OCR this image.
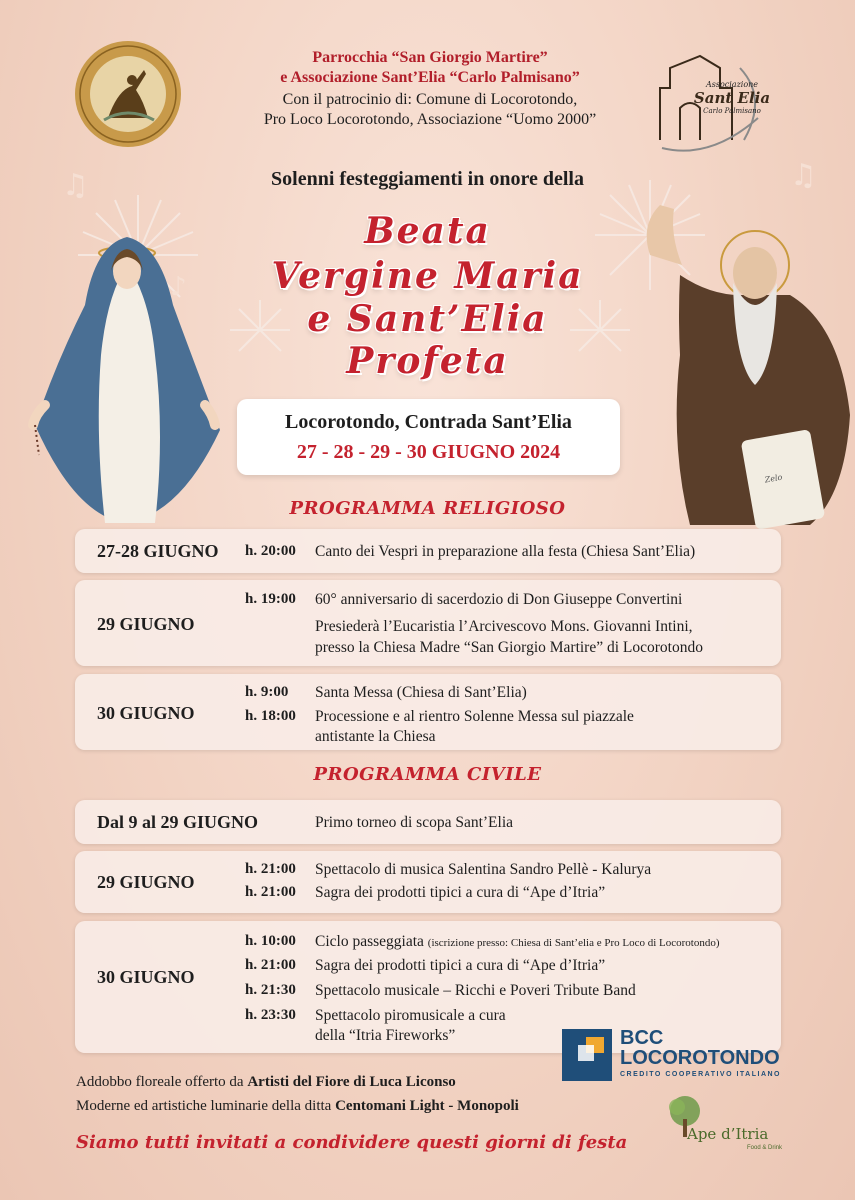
♫
♪
♫
Associazione
Sant Elia
Carlo Palmisano
Parrocchia “San Giorgio Martire”
e Associazione Sant’Elia “Carlo Palmisano”
Con il patrocinio di: Comune di Locorotondo,
Pro Loco Locorotondo, Associazione “Uomo 2000”
Solenni festeggiamenti in onore della
Beata
Vergine Maria
e Sant’Elia
Profeta
Zelo
Locorotondo, Contrada Sant’Elia
27 - 28 - 29 - 30 GIUGNO 2024
PROGRAMMA RELIGIOSO
27-28 GIUGNO h. 20:00 Canto dei Vespri in preparazione alla festa (Chiesa Sant’Elia)
29 GIUGNO
h. 19:00 60° anniversario di sacerdozio di Don Giuseppe Convertini
Presiederà l’Eucaristia l’Arcivescovo Mons. Giovanni Intini,
presso la Chiesa Madre “San Giorgio Martire” di Locorotondo
30 GIUGNO
h. 9:00 Santa Messa (Chiesa di Sant’Elia)
h. 18:00 Processione e al rientro Solenne Messa sul piazzale
antistante la Chiesa
PROGRAMMA CIVILE
Dal 9 al 29 GIUGNO	Primo torneo di scopa Sant’Elia
29 GIUGNO
h. 21:00 Spettacolo di musica Salentina Sandro Pellè - Kalurya
h. 21:00 Sagra dei prodotti tipici a cura di “Ape d’Itria”
30 GIUGNO
h. 10:00 Ciclo passeggiata (iscrizione presso: Chiesa di Sant’elia e Pro Loco di Locorotondo)
h. 21:00 Sagra dei prodotti tipici a cura di “Ape d’Itria”
h. 21:30 Spettacolo musicale – Ricchi e Poveri Tribute Band
h. 23:30 Spettacolo piromusicale a cura
della “Itria Fireworks”	BCC
LOCOROTONDO
CREDITO COOPERATIVO ITALIANO
Addobbo floreale offerto da Artisti del Fiore di Luca Liconso
Moderne ed artistiche luminarie della ditta Centomani Light - Monopoli
Siamo tutti invitati a condividere questi giorni di festa	Ape d’Itria
Food & Drink
